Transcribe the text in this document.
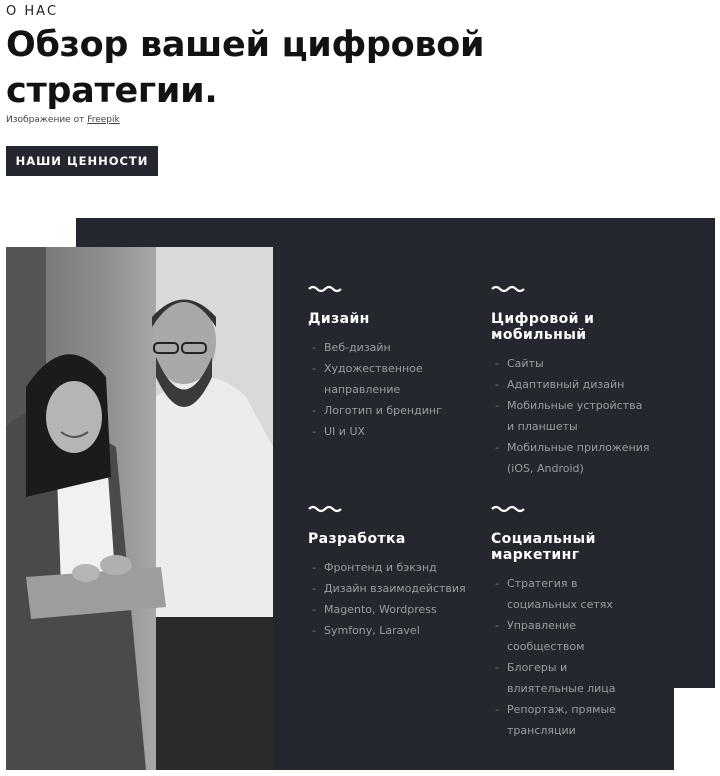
О НАС
Обзор вашей цифровой стратегии.
Изображение от Freepik
НАШИ ЦЕННОСТИ
Дизайн
- Веб-дизайн
- Художественное направление
- Логотип и брендинг
- UI и UX
Цифровой и мобильный
- Сайты
- Адаптивный дизайн
- Мобильные устройства и планшеты
- Мобильные приложения (iOS, Android)
Разработка
- Фронтенд и бэкэнд
- Дизайн взаимодействия
- Magento, Wordpress
- Symfony, Laravel
Социальный маркетинг
- Стратегия в социальных сетях
- Управление сообществом
- Блогеры и влиятельные лица
- Репортаж, прямые трансляции
